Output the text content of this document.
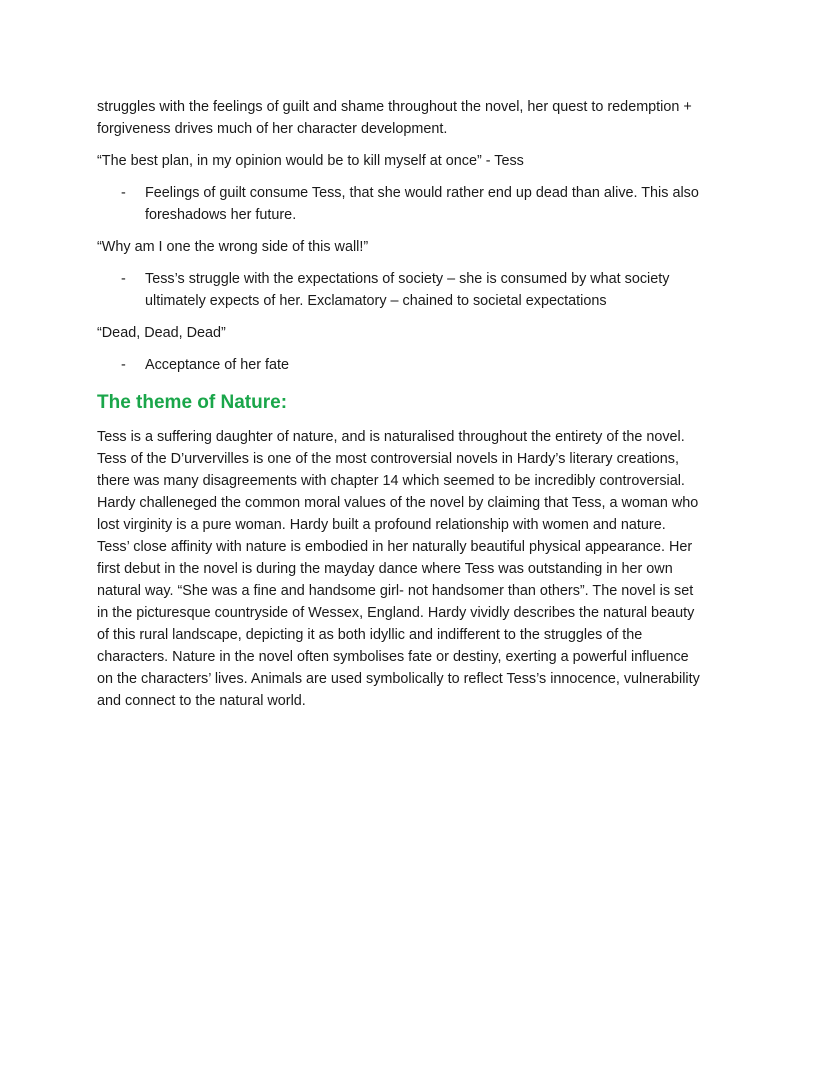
struggles with the feelings of guilt and shame throughout the novel, her quest to redemption +
forgiveness drives much of her character development.

“The best plan, in my opinion would be to kill myself at once” - Tess

- Feelings of guilt consume Tess, that she would rather end up dead than alive. This also
foreshadows her future.

“Why am I one the wrong side of this wall!”

- Tess’s struggle with the expectations of society – she is consumed by what society
ultimately expects of her. Exclamatory – chained to societal expectations

“Dead, Dead, Dead”

- Acceptance of her fate
The theme of Nature:

Tess is a suffering daughter of nature, and is naturalised throughout the entirety of the novel.
Tess of the D’urvervilles is one of the most controversial novels in Hardy’s literary creations,
there was many disagreements with chapter 14 which seemed to be incredibly controversial.
Hardy challeneged the common moral values of the novel by claiming that Tess, a woman who
lost virginity is a pure woman. Hardy built a profound relationship with women and nature.
Tess’ close affinity with nature is embodied in her naturally beautiful physical appearance. Her
first debut in the novel is during the mayday dance where Tess was outstanding in her own
natural way. “She was a fine and handsome girl- not handsomer than others”. The novel is set
in the picturesque countryside of Wessex, England. Hardy vividly describes the natural beauty
of this rural landscape, depicting it as both idyllic and indifferent to the struggles of the
characters. Nature in the novel often symbolises fate or destiny, exerting a powerful influence
on the characters’ lives. Animals are used symbolically to reflect Tess’s innocence, vulnerability
and connect to the natural world.
